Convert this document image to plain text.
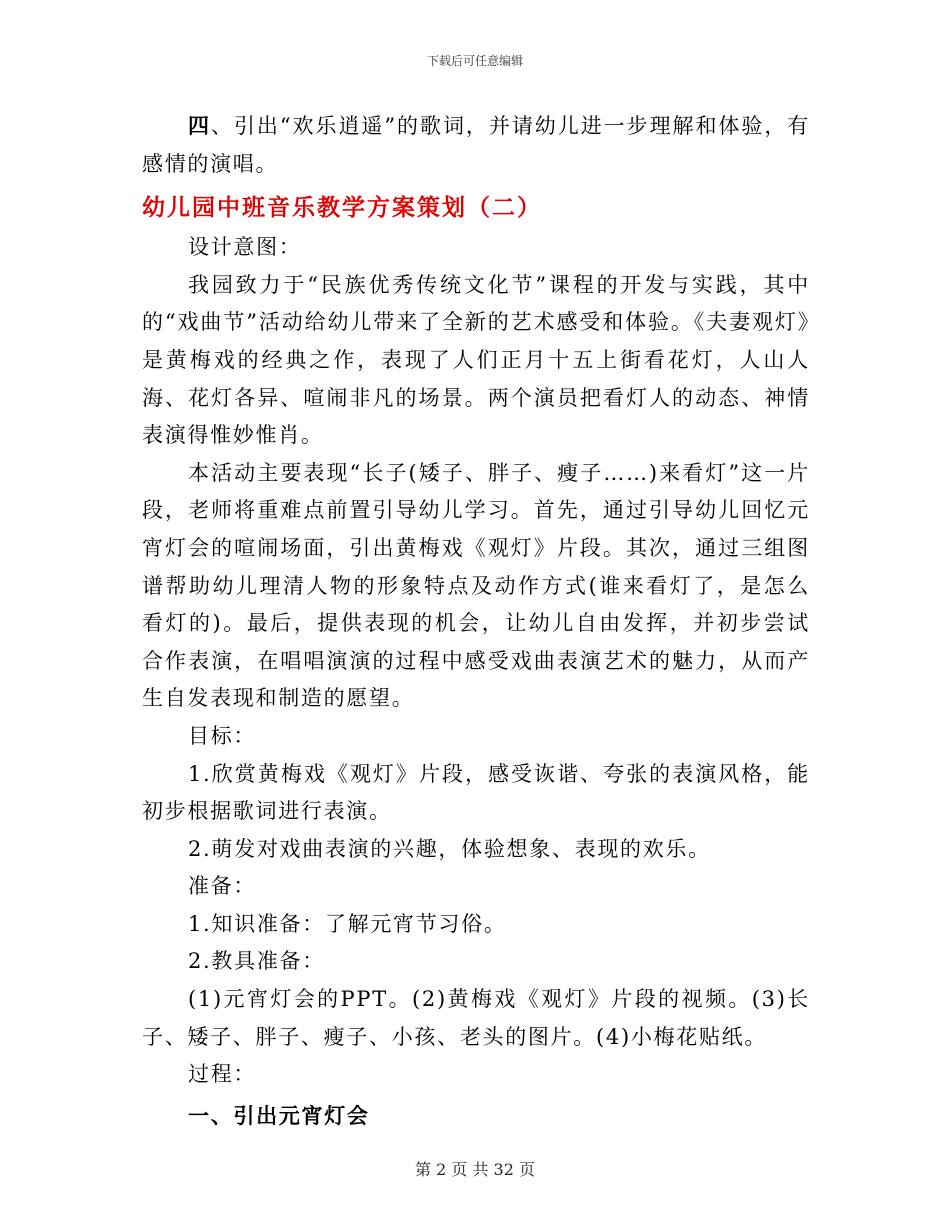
下载后可任意编辑

四、引出“欢乐逍遥”的歌词，并请幼儿进一步理解和体验，有感情的演唱。

幼儿园中班音乐教学方案策划（二）

设计意图：

我园致力于“民族优秀传统文化节”课程的开发与实践，其中的“戏曲节”活动给幼儿带来了全新的艺术感受和体验。《夫妻观灯》是黄梅戏的经典之作，表现了人们正月十五上街看花灯，人山人海、花灯各异、喧闹非凡的场景。两个演员把看灯人的动态、神情表演得惟妙惟肖。

本活动主要表现“长子(矮子、胖子、瘦子……)来看灯”这一片段，老师将重难点前置引导幼儿学习。首先，通过引导幼儿回忆元宵灯会的喧闹场面，引出黄梅戏《观灯》片段。其次，通过三组图谱帮助幼儿理清人物的形象特点及动作方式(谁来看灯了，是怎么看灯的)。最后，提供表现的机会，让幼儿自由发挥，并初步尝试合作表演，在唱唱演演的过程中感受戏曲表演艺术的魅力，从而产生自发表现和制造的愿望。

目标：

1.欣赏黄梅戏《观灯》片段，感受诙谐、夸张的表演风格，能初步根据歌词进行表演。

2.萌发对戏曲表演的兴趣，体验想象、表现的欢乐。

准备：

1.知识准备：了解元宵节习俗。

2.教具准备：

(1)元宵灯会的PPT。(2)黄梅戏《观灯》片段的视频。(3)长子、矮子、胖子、瘦子、小孩、老头的图片。(4)小梅花贴纸。

过程：

一、引出元宵灯会

第 2 页 共 32 页
